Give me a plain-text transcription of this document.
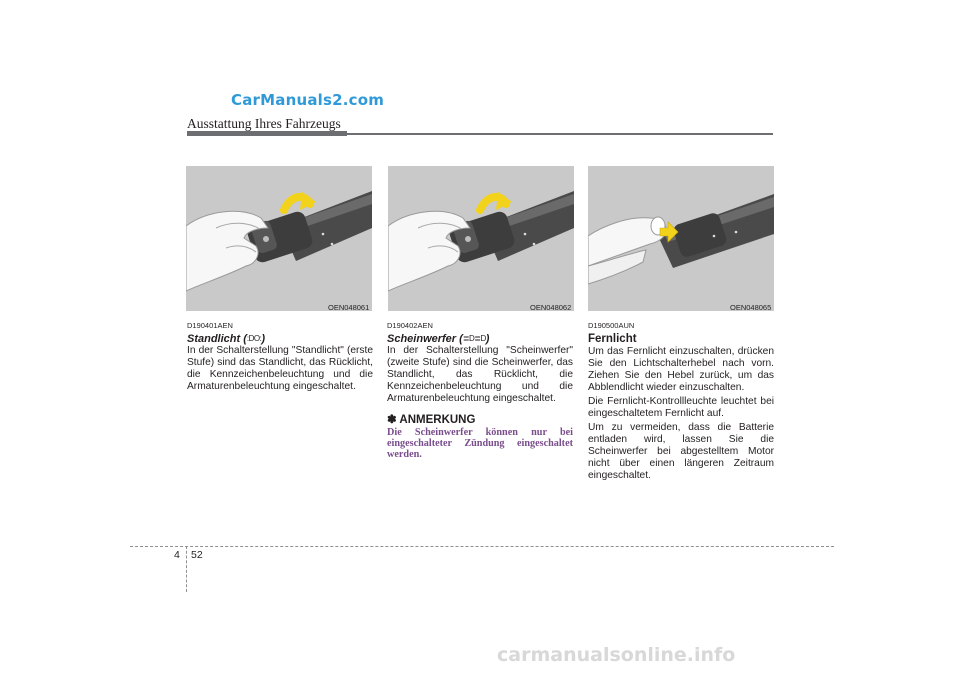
CarManuals2.com
Ausstattung Ihres Fahrzeugs
OEN048061	OEN048062	OEN048065
D190401AEN
Standlicht (:DO:)

In der Schalterstellung "Standlicht" (erste Stufe) sind das Standlicht, das Rücklicht, die Kennzeichenbeleuchtung und die Armaturenbeleuchtung eingeschaltet.

D190402AEN
Scheinwerfer (≣D≣D)

In der Schalterstellung "Scheinwerfer" (zweite Stufe) sind die Scheinwerfer, das Standlicht, das Rücklicht, die Kennzeichenbeleuchtung und die Armaturenbeleuchtung eingeschaltet.

✽ ANMERKUNG
Die Scheinwerfer können nur bei eingeschalteter Zündung eingeschaltet werden.
D190500AUN
Fernlicht

Um das Fernlicht einzuschalten, drücken Sie den Lichtschalterhebel nach vorn. Ziehen Sie den Hebel zurück, um das Abblendlicht wieder einzuschalten.

Die Fernlicht-Kontrollleuchte leuchtet bei eingeschaltetem Fernlicht auf.

Um zu vermeiden, dass die Batterie entladen wird, lassen Sie die Scheinwerfer bei abgestelltem Motor nicht über einen längeren Zeitraum eingeschaltet.

4 52
carmanualsonline.info
